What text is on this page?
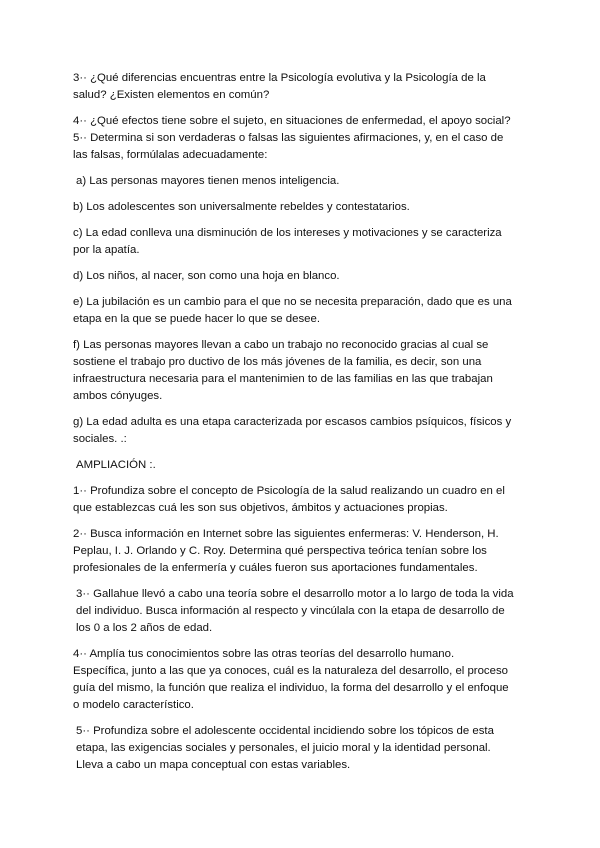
3·· ¿Qué diferencias encuentras entre la Psicología evolutiva y la Psicología de la
salud? ¿Existen elementos en común?
4·· ¿Qué efectos tiene sobre el sujeto, en situaciones de enfermedad, el apoyo social?
5·· Determina si son verdaderas o falsas las siguientes afirmaciones, y, en el caso de
las falsas, formúlalas adecuadamente:
a) Las personas mayores tienen menos inteligencia.
b) Los adolescentes son universalmente rebeldes y contestatarios.
c) La edad conlleva una disminución de los intereses y motivaciones y se caracteriza
por la apatía.
d) Los niños, al nacer, son como una hoja en blanco.
e) La jubilación es un cambio para el que no se necesita preparación, dado que es una
etapa en la que se puede hacer lo que se desee.
f) Las personas mayores llevan a cabo un trabajo no reconocido gracias al cual se
sostiene el trabajo pro ductivo de los más jóvenes de la familia, es decir, son una
infraestructura necesaria para el mantenimien to de las familias en las que trabajan
ambos cónyuges.
g) La edad adulta es una etapa caracterizada por escasos cambios psíquicos, físicos y
sociales. .:
AMPLIACIÓN :.
1·· Profundiza sobre el concepto de Psicología de la salud realizando un cuadro en el
que establezcas cuá les son sus objetivos, ámbitos y actuaciones propias.
2·· Busca información en Internet sobre las siguientes enfermeras: V. Henderson, H.
Peplau, I. J. Orlando y C. Roy. Determina qué perspectiva teórica tenían sobre los
profesionales de la enfermería y cuáles fueron sus aportaciones fundamentales.
3·· Gallahue llevó a cabo una teoría sobre el desarrollo motor a lo largo de toda la vida
del individuo. Busca información al respecto y vincúlala con la etapa de desarrollo de
los 0 a los 2 años de edad.
4·· Amplía tus conocimientos sobre las otras teorías del desarrollo humano.
Específica, junto a las que ya conoces, cuál es la naturaleza del desarrollo, el proceso
guía del mismo, la función que realiza el individuo, la forma del desarrollo y el enfoque
o modelo característico.
5·· Profundiza sobre el adolescente occidental incidiendo sobre los tópicos de esta
etapa, las exigencias sociales y personales, el juicio moral y la identidad personal.
Lleva a cabo un mapa conceptual con estas variables.
